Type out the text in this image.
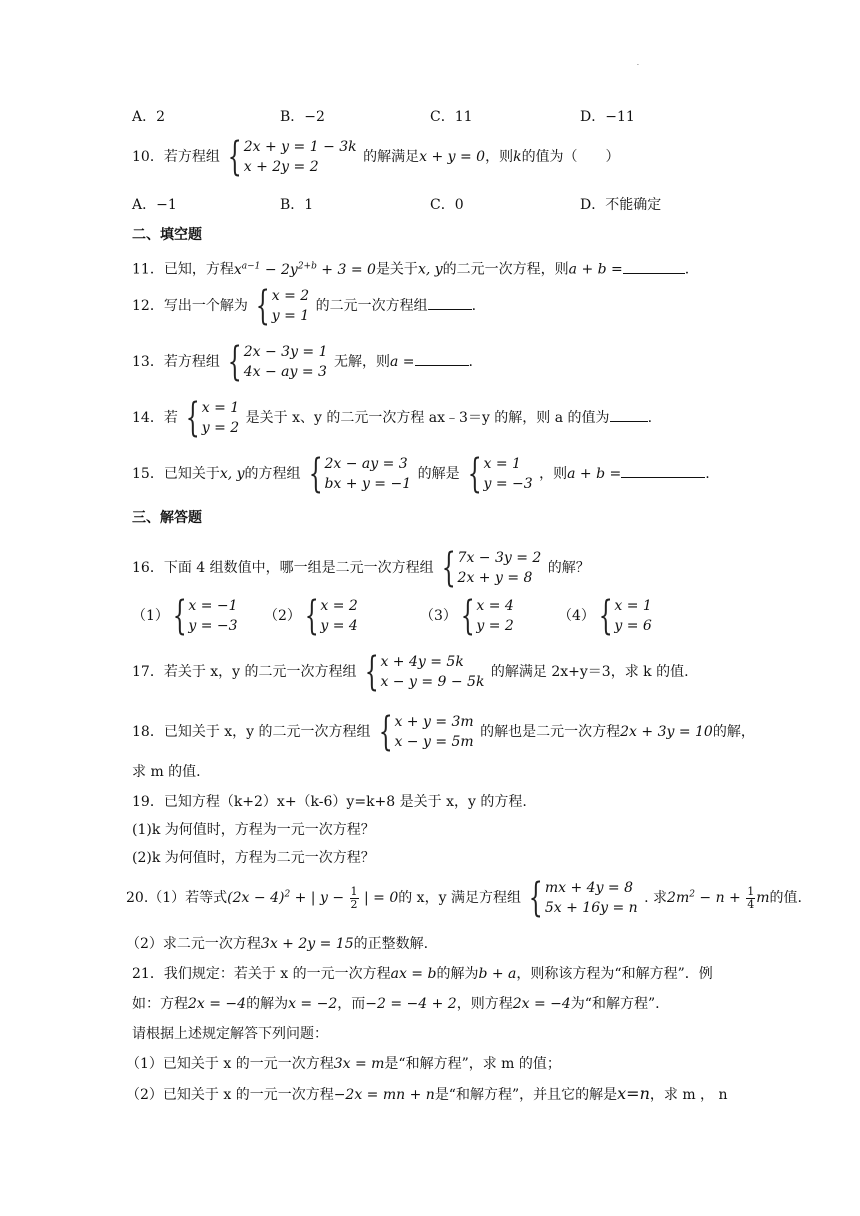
·
A．2	B．−2	C．11	D．−11
10．若方程组 { 2x + y = 1 − 3k
x + 2y = 2
的解满足x + y = 0，则k的值为（　　）
A．−1	B．1	C．0	D．不能确定
二、填空题
11．已知，方程$x^{a-1} - 2y^{2+b} + 3 = 0$是关于x, y的二元一次方程，则a + b =	.
12．写出一个解为 { x = 2
y = 1
的二元一次方程组	.
13．若方程组 { 2x − 3y = 1
4x − ay = 3
无解，则a =	.
14．若 { x = 1
y = 2
是关于 x、y 的二元一次方程 ax﹣3＝y 的解，则 a 的值为	.
15．已知关于x, y的方程组 { 2x − ay = 3
bx + y = −1
的解是 { x = 1
y = −3
，则a + b =	.
三、解答题
16．下面 4 组数值中，哪一组是二元一次方程组 { 7x − 3y = 2
2x + y = 8
的解？
（1） { x = −1
y = −3
（2） { x = 2
y = 4
（3） { x = 4
y = 2
（4） { x = 1
y = 6
17．若关于 x，y 的二元一次方程组 { x + 4y = 5k
x − y = 9 − 5k
的解满足 2x+y＝3，求 k 的值.
18．已知关于 x，y 的二元一次方程组 { x + y = 3m
x − y = 5m
的解也是二元一次方程2x + 3y = 10的解，
求 m 的值.
19．已知方程（k+2）x+（k-6）y=k+8 是关于 x，y 的方程.
(1)k 为何值时，方程为一元一次方程？
(2)k 为何值时，方程为二元一次方程？
20.（1）若等式$(2x - 4)^2$ + | $y - \frac{1}{2}$ | = 0的 x，y 满足方程组 { mx + 4y = 8
5x + 16y = n
. 求$2m^2 - n + \frac{1}{4}$ m的值.
（2）求二元一次方程3x + 2y = 15的正整数解.
21．我们规定：若关于 x 的一元一次方程ax = b的解为b + a，则称该方程为“和解方程”．例
如：方程2x = −4的解为x = −2，而−2 = −4 + 2，则方程2x = −4为“和解方程”.
请根据上述规定解答下列问题：
（1）已知关于 x 的一元一次方程3x = m是“和解方程”，求 m 的值；
（2）已知关于 x 的一元一次方程−2x = mn + n是“和解方程”，并且它的解是x=n，求 m ， n
